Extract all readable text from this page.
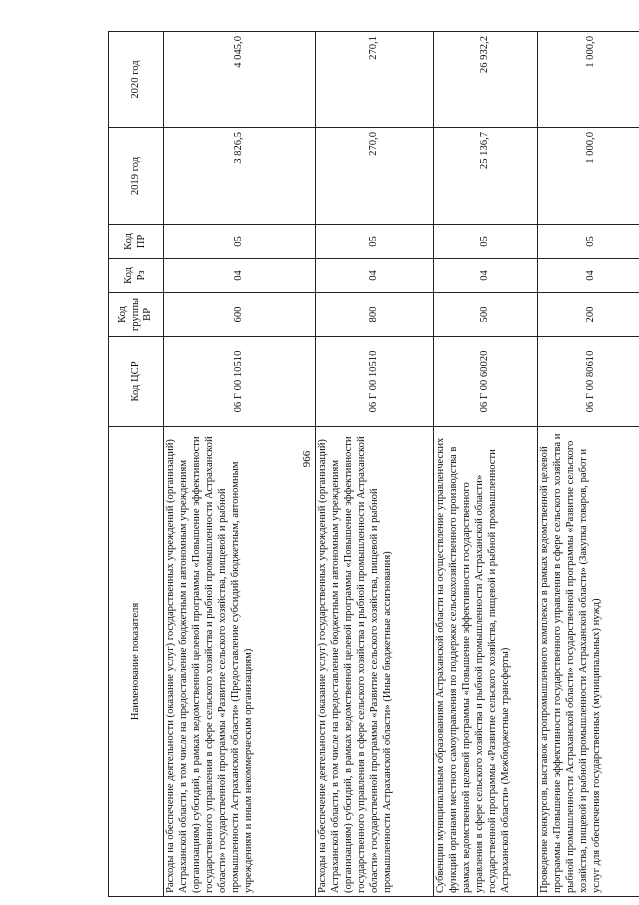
966
Наименование показателя	Код ЦСР	Код группы ВР	Код Рз	Код ПР	2019 год	2020 год
Расходы на обеспечение деятельности (оказание услуг) государственных учреждений (организаций) Астраханской области, в том числе на предоставление бюджетным и автономным учреждениям (организациям) субсидий, в рамках ведомственной целевой программы «Повышение эффективности государственного управления в сфере сельского хозяйства и рыбной промышленности Астраханской области» государственной программы «Развитие сельского хозяйства, пищевой и рыбной промышленности Астраханской области» (Предоставление субсидий бюджетным, автономным учреждениям и иным некоммерческим организациям)	06 Г 00 10510	600	04	05	3 826,5	4 045,0
Расходы на обеспечение деятельности (оказание услуг) государственных учреждений (организаций) Астраханской области, в том числе на предоставление бюджетным и автономным учреждениям (организациям) субсидий, в рамках ведомственной целевой программы «Повышение эффективности государственного управления в сфере сельского хозяйства и рыбной промышленности Астраханской области» государственной программы «Развитие сельского хозяйства, пищевой и рыбной промышленности Астраханской области» (Иные бюджетные ассигнования)	06 Г 00 10510	800	04	05	270,0	270,1
Субвенции муниципальным образованиям Астраханской области на осуществление управленческих функций органами местного самоуправления по поддержке сельскохозяйственного производства в рамках ведомственной целевой программы «Повышение эффективности государственного управления в сфере сельского хозяйства и рыбной промышленности Астраханской области» государственной программы «Развитие сельского хозяйства, пищевой и рыбной промышленности Астраханской области» (Межбюджетные трансферты)	06 Г 00 60020	500	04	05	25 136,7	26 932,2
Проведение конкурсов, выставок агропромышленного комплекса в рамках ведомственной целевой программы «Повышение эффективности государственного управления в сфере сельского хозяйства и рыбной промышленности Астраханской области» государственной программы «Развитие сельского хозяйства, пищевой и рыбной промышленности Астраханской области» (Закупка товаров, работ и услуг для обеспечения государственных (муниципальных) нужд)	06 Г 00 80610	200	04	05	1 000,0	1 000,0
